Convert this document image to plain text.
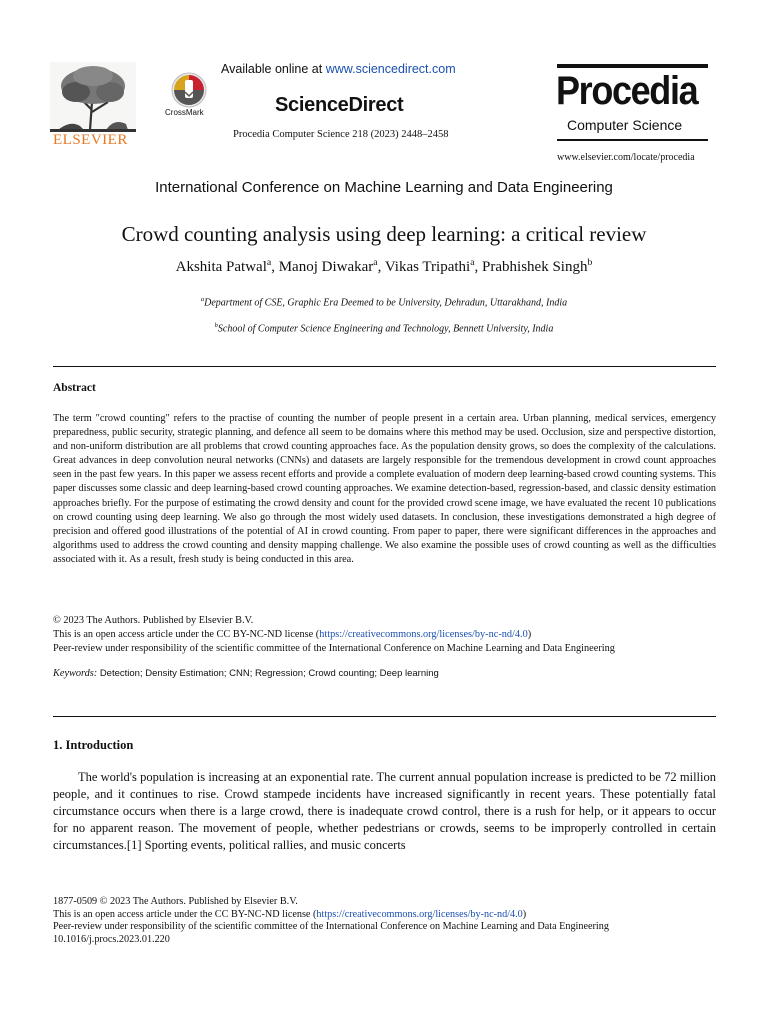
ELSEVIER
CrossMark
Available online at www.sciencedirect.com
ScienceDirect
Procedia Computer Science 218 (2023) 2448–2458
Procedia
Computer Science
www.elsevier.com/locate/procedia
International Conference on Machine Learning and Data Engineering
Crowd counting analysis using deep learning: a critical review
Akshita Patwal$^a$, Manoj Diwakar$^a$, Vikas Tripathi$^a$, Prabhishek Singh$^b$
$^a$Department of CSE, Graphic Era Deemed to be University, Dehradun, Uttarakhand, India
$^b$School of Computer Science Engineering and Technology, Bennett University, India
Abstract
The term "crowd counting" refers to the practise of counting the number of people present in a certain area. Urban planning, medical services, emergency preparedness, public security, strategic planning, and defence all seem to be domains where this method may be used. Occlusion, size and perspective distortion, and non-uniform distribution are all problems that crowd counting approaches face. As the population density grows, so does the complexity of the calculations. Great advances in deep convolution neural networks (CNNs) and datasets are largely responsible for the tremendous development in crowd count approaches seen in the past few years. In this paper we assess recent efforts and provide a complete evaluation of modern deep learning-based crowd counting systems. This paper discusses some classic and deep learning-based crowd counting approaches. We examine detection-based, regression-based, and classic density estimation approaches briefly. For the purpose of estimating the crowd density and count for the provided crowd scene image, we have evaluated the recent 10 publications on crowd counting using deep learning. We also go through the most widely used datasets. In conclusion, these investigations demonstrated a high degree of precision and offered good illustrations of the potential of AI in crowd counting. From paper to paper, there were significant differences in the approaches and algorithms used to address the crowd counting and density mapping challenge. We also examine the possible uses of crowd counting as well as the difficulties associated with it. As a result, fresh study is being conducted in this area.
© 2023 The Authors. Published by Elsevier B.V.
This is an open access article under the CC BY-NC-ND license (https://creativecommons.org/licenses/by-nc-nd/4.0)
Peer-review under responsibility of the scientific committee of the International Conference on Machine Learning and Data Engineering
Keywords: Detection; Density Estimation; CNN; Regression; Crowd counting; Deep learning
1. Introduction
The world's population is increasing at an exponential rate. The current annual population increase is predicted to be 72 million people, and it continues to rise. Crowd stampede incidents have increased significantly in recent years. These potentially fatal circumstance occurs when there is a large crowd, there is inadequate crowd control, there is a rush for help, or it appears to occur for no apparent reason. The movement of people, whether pedestrians or crowds, seems to be improperly controlled in certain circumstances.[1] Sporting events, political rallies, and music concerts
1877-0509 © 2023 The Authors. Published by Elsevier B.V.
This is an open access article under the CC BY-NC-ND license (https://creativecommons.org/licenses/by-nc-nd/4.0)
Peer-review under responsibility of the scientific committee of the International Conference on Machine Learning and Data Engineering
10.1016/j.procs.2023.01.220
